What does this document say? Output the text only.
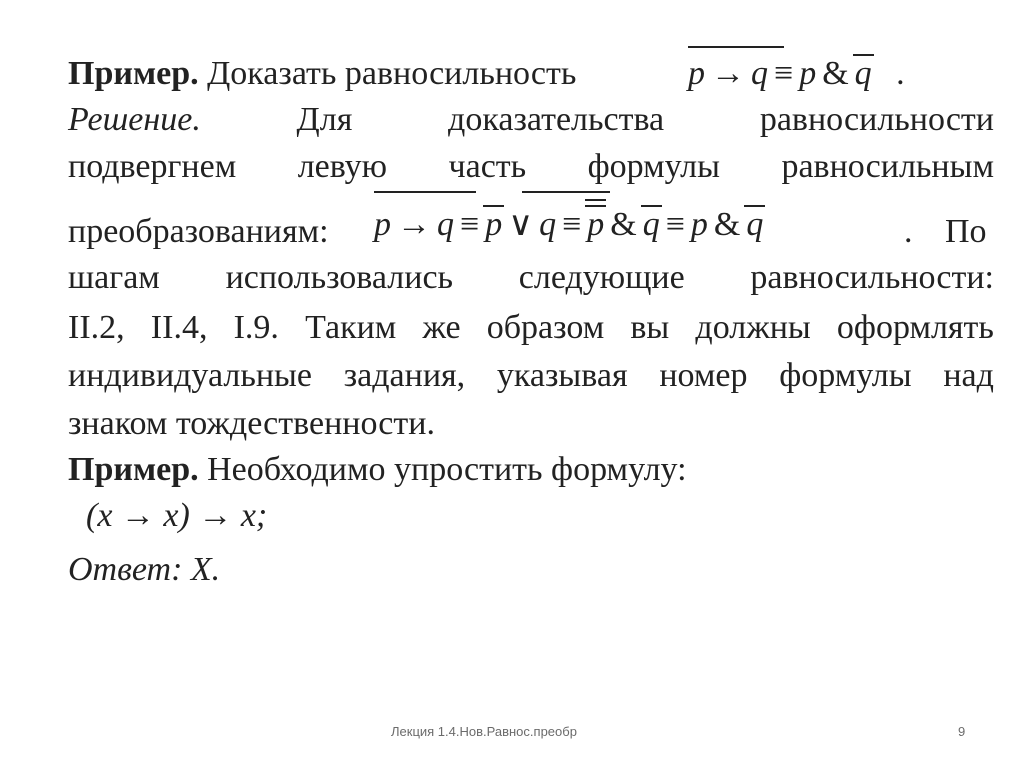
Пример. Доказать равносильность	p → q ≡ p & q .
Решение.	Для	доказательства	равносильности
подвергнем левую часть формулы равносильным
преобразованиям: p → q ≡ p ∨ q ≡ p & q ≡ p & q	. По
шагам использовались следующие равносильности:
II.2, II.4, I.9. Таким же образом вы должны оформлять
индивидуальные задания, указывая номер формулы над
знаком тождественности.
Пример. Необходимо упростить формулу:
(x → x) → x;
Ответ: X.
Лекция 1.4.Нов.Равнос.преобр	9
